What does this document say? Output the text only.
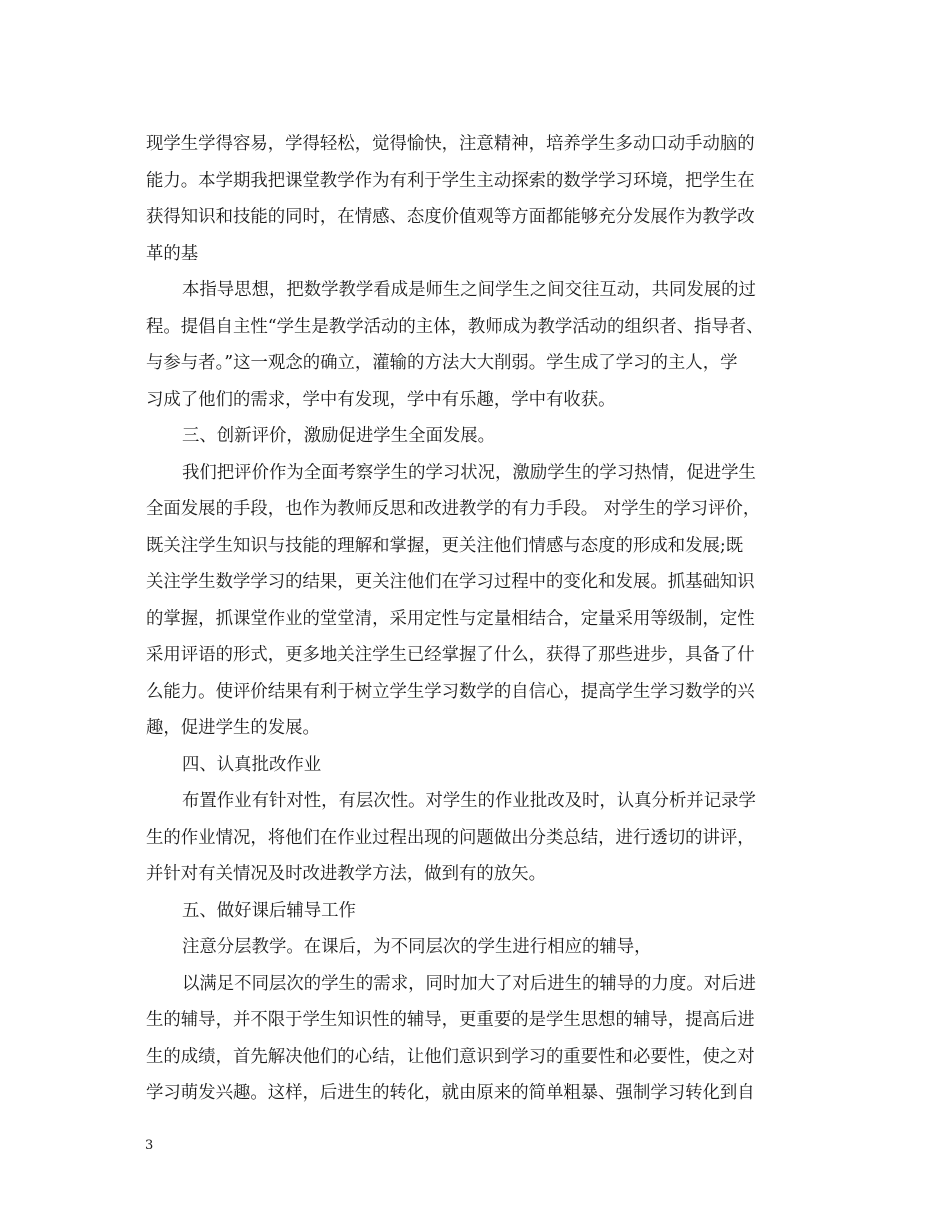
现学生学得容易，学得轻松，觉得愉快，注意精神，培养学生多动口动手动脑的
能力。本学期我把课堂教学作为有利于学生主动探索的数学学习环境，把学生在
获得知识和技能的同时，在情感、态度价值观等方面都能够充分发展作为教学改
革的基
本指导思想，把数学教学看成是师生之间学生之间交往互动，共同发展的过
程。提倡自主性“学生是教学活动的主体，教师成为教学活动的组织者、指导者、
与参与者。”这一观念的确立，灌输的方法大大削弱。学生成了学习的主人，学
习成了他们的需求，学中有发现，学中有乐趣，学中有收获。
三、创新评价，激励促进学生全面发展。
我们把评价作为全面考察学生的学习状况，激励学生的学习热情，促进学生
全面发展的手段，也作为教师反思和改进教学的有力手段。 对学生的学习评价，
既关注学生知识与技能的理解和掌握，更关注他们情感与态度的形成和发展;既
关注学生数学学习的结果，更关注他们在学习过程中的变化和发展。抓基础知识
的掌握，抓课堂作业的堂堂清，采用定性与定量相结合，定量采用等级制，定性
采用评语的形式，更多地关注学生已经掌握了什么，获得了那些进步，具备了什
么能力。使评价结果有利于树立学生学习数学的自信心，提高学生学习数学的兴
趣，促进学生的发展。
四、认真批改作业
布置作业有针对性，有层次性。对学生的作业批改及时，认真分析并记录学
生的作业情况，将他们在作业过程出现的问题做出分类总结，进行透切的讲评，
并针对有关情况及时改进教学方法，做到有的放矢。
五、做好课后辅导工作
注意分层教学。在课后，为不同层次的学生进行相应的辅导，
以满足不同层次的学生的需求，同时加大了对后进生的辅导的力度。对后进
生的辅导，并不限于学生知识性的辅导，更重要的是学生思想的辅导，提高后进
生的成绩，首先解决他们的心结，让他们意识到学习的重要性和必要性，使之对
学习萌发兴趣。这样，后进生的转化，就由原来的简单粗暴、强制学习转化到自
3
